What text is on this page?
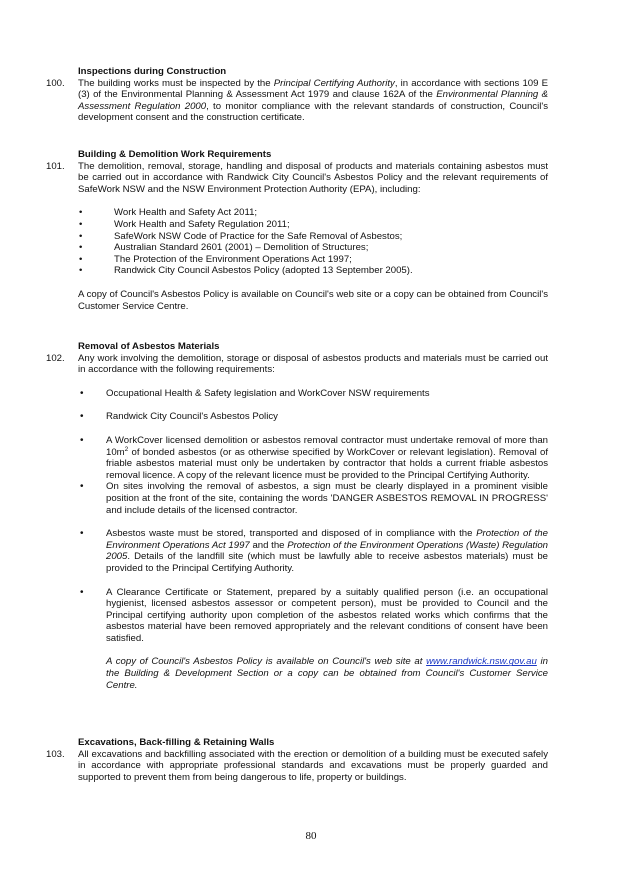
Inspections during Construction
100. The building works must be inspected by the Principal Certifying Authority, in accordance with sections 109 E (3) of the Environmental Planning & Assessment Act 1979 and clause 162A of the Environmental Planning & Assessment Regulation 2000, to monitor compliance with the relevant standards of construction, Council's development consent and the construction certificate.
Building & Demolition Work Requirements
101. The demolition, removal, storage, handling and disposal of products and materials containing asbestos must be carried out in accordance with Randwick City Council's Asbestos Policy and the relevant requirements of SafeWork NSW and the NSW Environment Protection Authority (EPA), including:
•	Work Health and Safety Act 2011;
•	Work Health and Safety Regulation 2011;
•	SafeWork NSW Code of Practice for the Safe Removal of Asbestos;
•	Australian Standard 2601 (2001) – Demolition of Structures;
•	The Protection of the Environment Operations Act 1997;
•	Randwick City Council Asbestos Policy (adopted 13 September 2005).
A copy of Council's Asbestos Policy is available on Council's web site or a copy can be obtained from Council's Customer Service Centre.
Removal of Asbestos Materials
102. Any work involving the demolition, storage or disposal of asbestos products and materials must be carried out in accordance with the following requirements:
• Occupational Health & Safety legislation and WorkCover NSW requirements
• Randwick City Council's Asbestos Policy
• A WorkCover licensed demolition or asbestos removal contractor must undertake removal of more than $10m^2$ of bonded asbestos (or as otherwise specified by WorkCover or relevant legislation). Removal of friable asbestos material must only be undertaken by contractor that holds a current friable asbestos removal licence. A copy of the relevant licence must be provided to the Principal Certifying Authority.
• On sites involving the removal of asbestos, a sign must be clearly displayed in a prominent visible position at the front of the site, containing the words 'DANGER ASBESTOS REMOVAL IN PROGRESS' and include details of the licensed contractor.
• Asbestos waste must be stored, transported and disposed of in compliance with the Protection of the Environment Operations Act 1997 and the Protection of the Environment Operations (Waste) Regulation 2005. Details of the landfill site (which must be lawfully able to receive asbestos materials) must be provided to the Principal Certifying Authority.
• A Clearance Certificate or Statement, prepared by a suitably qualified person (i.e. an occupational hygienist, licensed asbestos assessor or competent person), must be provided to Council and the Principal certifying authority upon completion of the asbestos related works which confirms that the asbestos material have been removed appropriately and the relevant conditions of consent have been satisfied.
A copy of Council's Asbestos Policy is available on Council's web site at www.randwick.nsw.gov.au in the Building & Development Section or a copy can be obtained from Council's Customer Service Centre.
Excavations, Back-filling & Retaining Walls
103. All excavations and backfilling associated with the erection or demolition of a building must be executed safely in accordance with appropriate professional standards and excavations must be properly guarded and supported to prevent them from being dangerous to life, property or buildings.
80
